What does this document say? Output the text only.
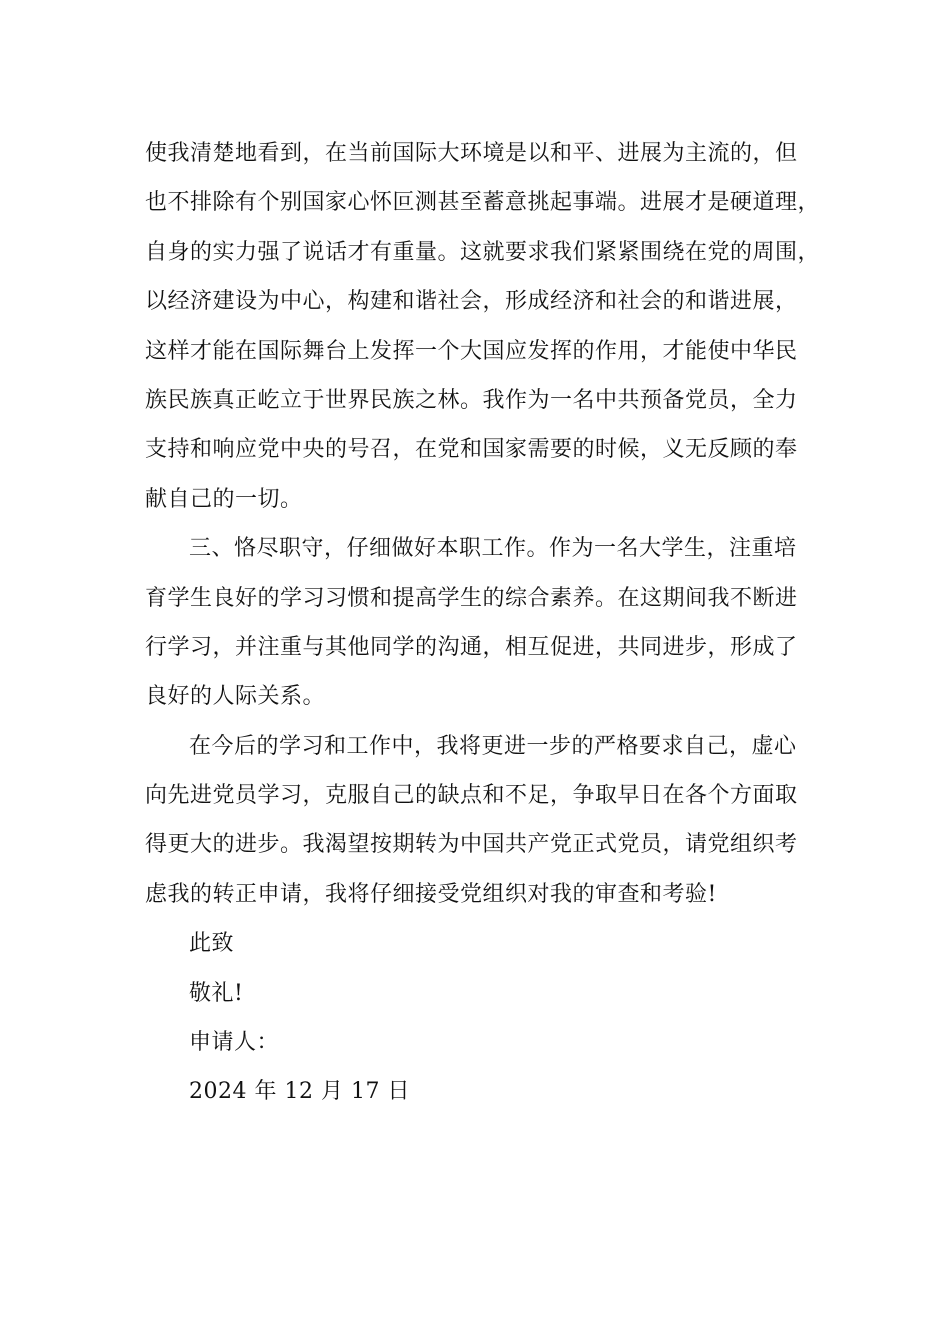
使我清楚地看到，在当前国际大环境是以和平、进展为主流的，但
也不排除有个别国家心怀叵测甚至蓄意挑起事端。进展才是硬道理，
自身的实力强了说话才有重量。这就要求我们紧紧围绕在党的周围，
以经济建设为中心，构建和谐社会，形成经济和社会的和谐进展，
这样才能在国际舞台上发挥一个大国应发挥的作用，才能使中华民
族民族真正屹立于世界民族之林。我作为一名中共预备党员，全力
支持和响应党中央的号召，在党和国家需要的时候，义无反顾的奉
献自己的一切。
三、恪尽职守，仔细做好本职工作。作为一名大学生，注重培
育学生良好的学习习惯和提高学生的综合素养。在这期间我不断进
行学习，并注重与其他同学的沟通，相互促进，共同进步，形成了
良好的人际关系。
在今后的学习和工作中，我将更进一步的严格要求自己，虚心
向先进党员学习，克服自己的缺点和不足，争取早日在各个方面取
得更大的进步。我渴望按期转为中国共产党正式党员，请党组织考
虑我的转正申请，我将仔细接受党组织对我的审查和考验!
此致
敬礼!
申请人：
2024 年 12 月 17 日
